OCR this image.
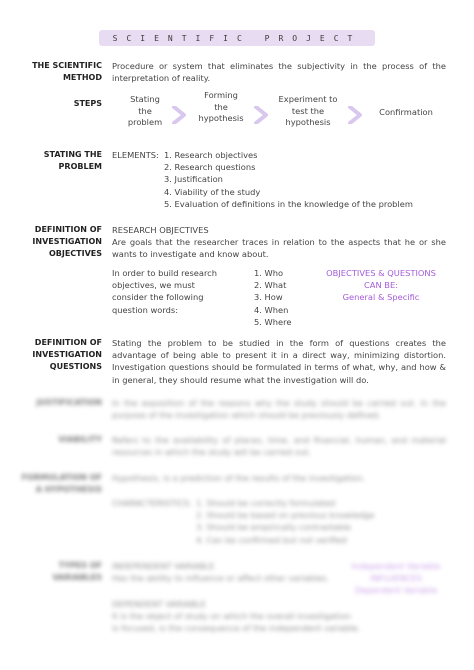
SCIENTIFIC PROJECT
THE SCIENTIFIC
METHOD
Procedure or system that eliminates the subjectivity in the process of the interpretation of reality.
STEPS	Stating
the
problem
Forming
the
hypothesis
Experiment to
test the
hypothesis
Confirmation
STATING THE
PROBLEM
ELEMENTS: 1. Research objectives
2. Research questions
3. Justification
4. Viability of the study
5. Evaluation of definitions in the knowledge of the problem
DEFINITION OF
INVESTIGATION
OBJECTIVES
RESEARCH OBJECTIVES
Are goals that the researcher traces in relation to the aspects that he or she wants to investigate and know about.
In order to build research
objectives, we must
consider the following
question words:
1. Who
2. What
3. How
4. When
5. Where
OBJECTIVES & QUESTIONS
CAN BE:
General & Specific
DEFINITION OF
INVESTIGATION
QUESTIONS
Stating the problem to be studied in the form of questions creates the advantage of being able to present it in a direct way, minimizing distortion. Investigation questions should be formulated in terms of what, why, and how & in general, they should resume what the investigation will do.
JUSTIFICATION In the exposition of the reasons why the study should be carried out. In the purpose of the investigation which should be previously defined.
VIABILITY Refers to the availability of places, time, and financial, human, and material resources in which the study will be carried out.
FORMULATION OF
A HYPOTHESIS
Hypothesis, is a prediction of the results of the investigation.
CHARACTERISTICS: 1. Should be correctly formulated
2. Should be based on previous knowledge
3. Should be empirically contrastable
4. Can be confirmed but not verified
TYPES OF
VARIABLES
INDEPENDENT VARIABLE
Has the ability to influence or affect other variables.
Independent Variable
INFLUENCES
Dependent Variable
DEPENDENT VARIABLE
It is the object of study on which the overall investigation
is focused, is the consequence of the independent variable.
